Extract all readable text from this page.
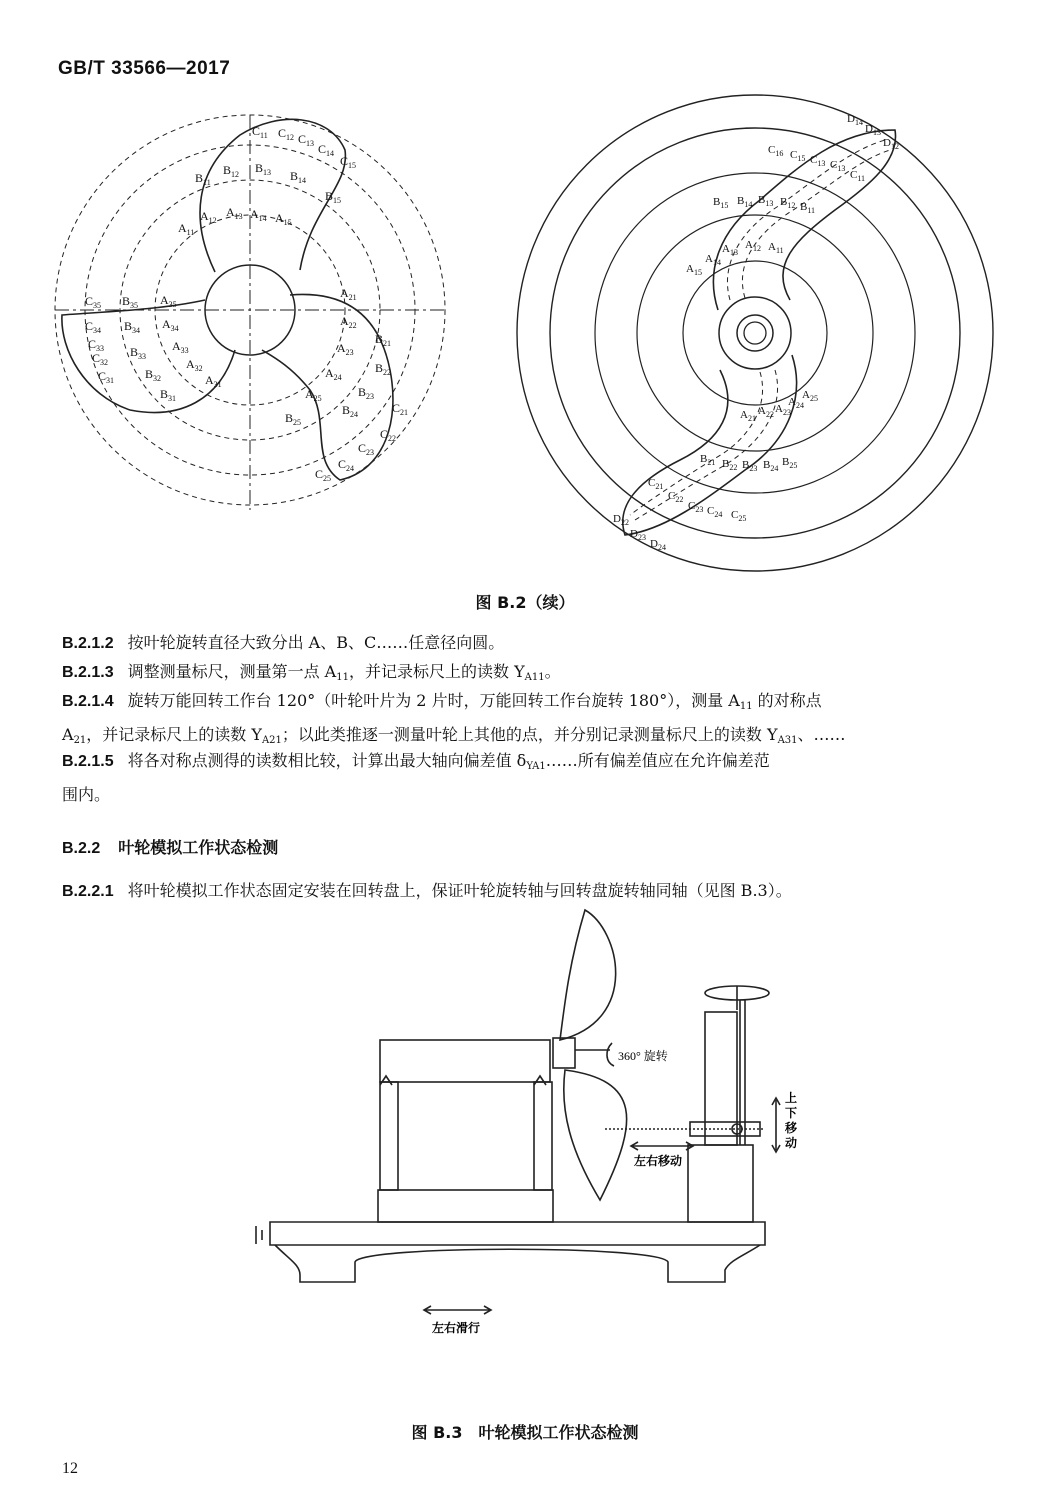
GB/T 33566—2017
$C_{11}$ $C_{12}$ $C_{13}$ $C_{14}$
$C_{15}$
$B_{11}$
$B_{12}$ $B_{13}$ $B_{14}$
$B_{15}$
$A_{11}$
$A_{12}$
$A_{13}$ $A_{14}$ $A_{15}$
$C_{35}$
$C_{34}$
$C_{33}$
$C_{32}$
$C_{31}$
$B_{35}$
$B_{34}$
$B_{33}$
$B_{32}$
$B_{31}$
$A_{35}$
$A_{34}$
$A_{33}$
$A_{32}$
$A_{31}$
$A_{21}$
$A_{22}$
$A_{23}$
$A_{24}$
$A_{25}$
$B_{21}$
$B_{22}$
$B_{23}$
$B_{24}$
$B_{25}$
$C_{21}$
$C_{22}$
$C_{23}$
$C_{24}$
$C_{25}$
$D_{14}$
$D_{13}$
$D_{12}$
$C_{16}$ $C_{15}$ $C_{13}$ $C_{13}$
$C_{11}$
$B_{15}$ $B_{14}$ $B_{13}$ $B_{12}$ $B_{11}$
$A_{15}$
$A_{14}$
$A_{13}$
$A_{12}$ $A_{11}$
$A_{21}$
$A_{22}$ $A_{23}$
$A_{24}$
$A_{25}$
$B_{21}$ $B_{22}$ $B_{23}$ $B_{24}$
$B_{25}$
$C_{21}$
$C_{22}$
$C_{23}$ $C_{24}$ $C_{25}$
$D_{22}$
$D_{23}$
$D_{24}$
图 B.2（续）
B.2.1.2 按叶轮旋转直径大致分出 A、B、C……任意径向圆。
B.2.1.3 调整测量标尺，测量第一点 $A_{11}$，并记录标尺上的读数 $Y_{A11}$。
B.2.1.4 旋转万能回转工作台 120°（叶轮叶片为 2 片时，万能回转工作台旋转 180°），测量 $A_{11}$ 的对称点
$A_{21}$，并记录标尺上的读数 $Y_{A21}$；以此类推逐一测量叶轮上其他的点，并分别记录测量标尺上的读数 $Y_{A31}$、……
B.2.1.5 将各对称点测得的读数相比较，计算出最大轴向偏差值 $\delta_{YA1}\dots\dots$所有偏差值应在允许偏差范
围内。
B.2.2 叶轮模拟工作状态检测
B.2.2.1 将叶轮模拟工作状态固定安装在回转盘上，保证叶轮旋转轴与回转盘旋转轴同轴（见图 B.3）。
360° 旋转
上
下
移
动
左右移动
左右滑行
图 B.3　叶轮模拟工作状态检测
12
